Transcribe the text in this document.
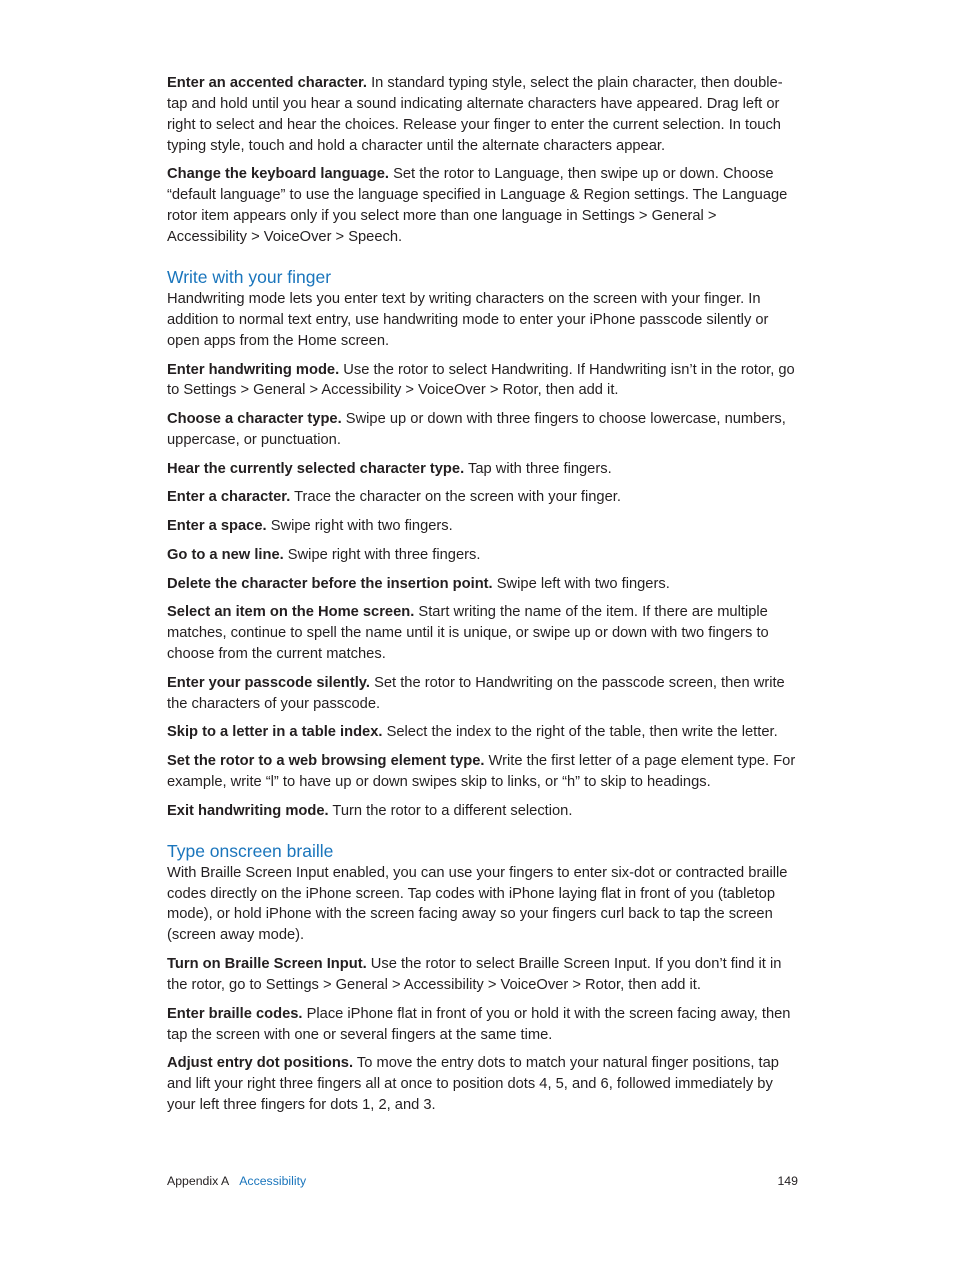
Enter an accented character. In standard typing style, select the plain character, then double-tap and hold until you hear a sound indicating alternate characters have appeared. Drag left or right to select and hear the choices. Release your finger to enter the current selection. In touch typing style, touch and hold a character until the alternate characters appear.

Change the keyboard language. Set the rotor to Language, then swipe up or down. Choose “default language” to use the language specified in Language & Region settings. The Language rotor item appears only if you select more than one language in Settings > General > Accessibility > VoiceOver > Speech.

Write with your finger

Handwriting mode lets you enter text by writing characters on the screen with your finger. In addition to normal text entry, use handwriting mode to enter your iPhone passcode silently or open apps from the Home screen.

Enter handwriting mode. Use the rotor to select Handwriting. If Handwriting isn’t in the rotor, go to Settings > General > Accessibility > VoiceOver > Rotor, then add it.

Choose a character type. Swipe up or down with three fingers to choose lowercase, numbers, uppercase, or punctuation.

Hear the currently selected character type. Tap with three fingers.

Enter a character. Trace the character on the screen with your finger.

Enter a space. Swipe right with two fingers.

Go to a new line. Swipe right with three fingers.

Delete the character before the insertion point. Swipe left with two fingers.

Select an item on the Home screen. Start writing the name of the item. If there are multiple matches, continue to spell the name until it is unique, or swipe up or down with two fingers to choose from the current matches.

Enter your passcode silently. Set the rotor to Handwriting on the passcode screen, then write the characters of your passcode.

Skip to a letter in a table index. Select the index to the right of the table, then write the letter.

Set the rotor to a web browsing element type. Write the first letter of a page element type. For example, write “l” to have up or down swipes skip to links, or “h” to skip to headings.

Exit handwriting mode. Turn the rotor to a different selection.

Type onscreen braille

With Braille Screen Input enabled, you can use your fingers to enter six-dot or contracted braille codes directly on the iPhone screen. Tap codes with iPhone laying flat in front of you (tabletop mode), or hold iPhone with the screen facing away so your fingers curl back to tap the screen (screen away mode).

Turn on Braille Screen Input. Use the rotor to select Braille Screen Input. If you don’t find it in the rotor, go to Settings > General > Accessibility > VoiceOver > Rotor, then add it.

Enter braille codes. Place iPhone flat in front of you or hold it with the screen facing away, then tap the screen with one or several fingers at the same time.

Adjust entry dot positions. To move the entry dots to match your natural finger positions, tap and lift your right three fingers all at once to position dots 4, 5, and 6, followed immediately by your left three fingers for dots 1, 2, and 3.

Appendix A Accessibility	149
